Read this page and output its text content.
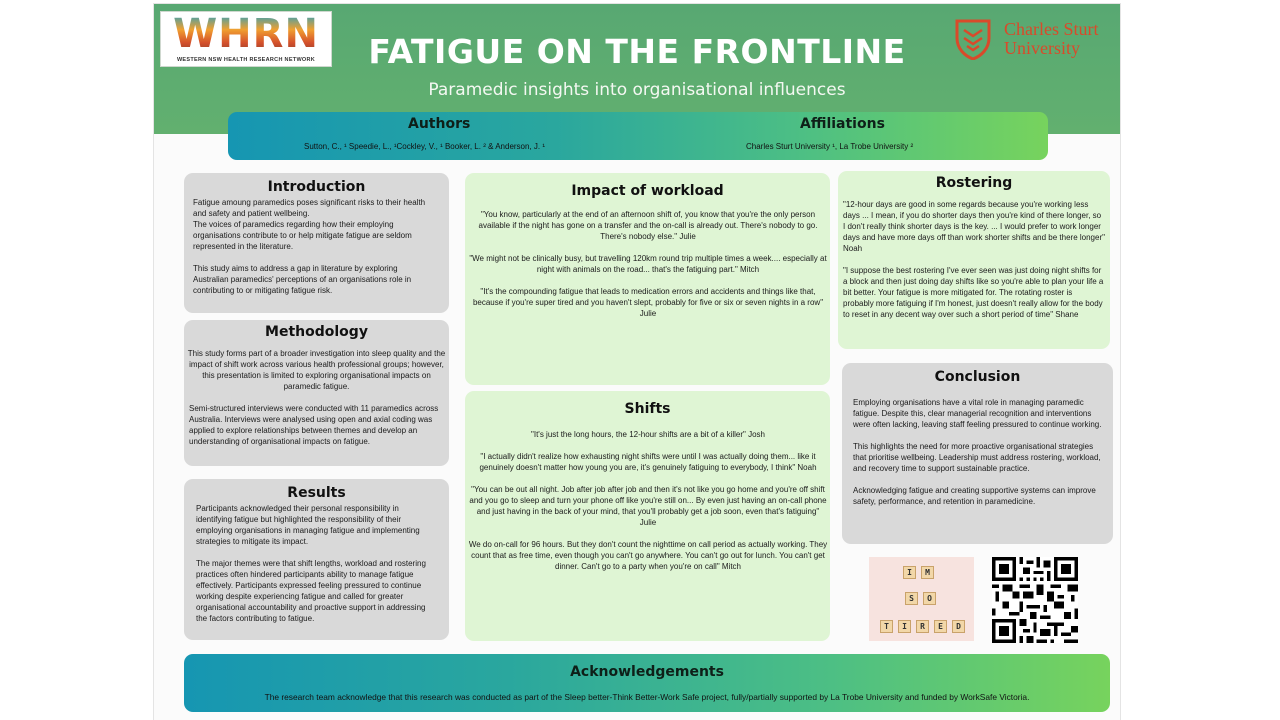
WHRN
WESTERN NSW HEALTH RESEARCH NETWORK
Charles Sturt
University
FATIGUE ON THE FRONTLINE
Paramedic insights into organisational influences
Authors
Sutton, C., ¹ Speedie, L., ¹Cockley, V., ¹ Booker, L. ² & Anderson, J. ¹
Affiliations
Charles Sturt University ¹, La Trobe University ²
Introduction
Fatigue amoung paramedics poses significant risks to their health and safety and patient wellbeing.
The voices of paramedics regarding how their employing organisations contribute to or help mitigate fatigue are seldom represented in the literature.
This study aims to address a gap in literature by exploring Australian paramedics' perceptions of an organisations role in contributing to or mitigating fatigue risk.
Methodology
This study forms part of a broader investigation into sleep quality and the impact of shift work across various health professional groups; however, this presentation is limited to exploring organisational impacts on paramedic fatigue.
Semi-structured interviews were conducted with 11 paramedics across Australia. Interviews were analysed using open and axial coding was applied to explore relationships between themes and develop an understanding of organisational impacts on fatigue.
Results
Participants acknowledged their personal responsibility in identifying fatigue but highlighted the responsibility of their employing organisations in managing fatigue and implementing strategies to mitigate its impact.
The major themes were that shift lengths, workload and rostering practices often hindered participants ability to manage fatigue effectively. Participants expressed feeling pressured to continue working despite experiencing fatigue and called for greater organisational accountability and proactive support in addressing the factors contributing to fatigue.
Impact of workload
"You know, particularly at the end of an afternoon shift of, you know that you're the only person available if the night has gone on a transfer and the on-call is already out. There's nobody to go. There's nobody else." Julie
"We might not be clinically busy, but travelling 120km round trip multiple times a week.... especially at night with animals on the road... that's the fatiguing part." Mitch
"It's the compounding fatigue that leads to medication errors and accidents and things like that, because if you're super tired and you haven't slept, probably for five or six or seven nights in a row" Julie
Shifts
"It's just the long hours, the 12-hour shifts are a bit of a killer" Josh
"I actually didn't realize how exhausting night shifts were until I was actually doing them... like it genuinely doesn't matter how young you are, it's genuinely fatiguing to everybody, I think" Noah
"You can be out all night. Job after job after job and then it's not like you go home and you're off shift and you go to sleep and turn your phone off like you're still on... By even just having an on-call phone and just having in the back of your mind, that you'll probably get a job soon, even that's fatiguing" Julie
We do on-call for 96 hours. But they don't count the nighttime on call period as actually working. They count that as free time, even though you can't go anywhere. You can't go out for lunch. You can't get dinner. Can't go to a party when you're on call" Mitch
Rostering
"12-hour days are good in some regards because you're working less days ... I mean, if you do shorter days then you're kind of there longer, so I don't really think shorter days is the key. ... I would prefer to work longer days and have more days off than work shorter shifts and be there longer" Noah
"I suppose the best rostering I've ever seen was just doing night shifts for a block and then just doing day shifts like so you're able to plan your life a bit better. Your fatigue is more mitigated for. The rotating roster is probably more fatiguing if I'm honest, just doesn't really allow for the body to reset in any decent way over such a short period of time" Shane
Conclusion
Employing organisations have a vital role in managing paramedic fatigue. Despite this, clear managerial recognition and interventions were often lacking, leaving staff feeling pressured to continue working.
This highlights the need for more proactive organisational strategies that prioritise wellbeing. Leadership must address rostering, workload, and recovery time to support sustainable practice.
Acknowledging fatigue and creating supportive systems can improve safety, performance, and retention in paramedicine.
I	M
S	O
T	I	R	E	D
Acknowledgements
The research team acknowledge that this research was conducted as part of the Sleep better-Think Better-Work Safe project, fully/partially supported by La Trobe University and funded by WorkSafe Victoria.
